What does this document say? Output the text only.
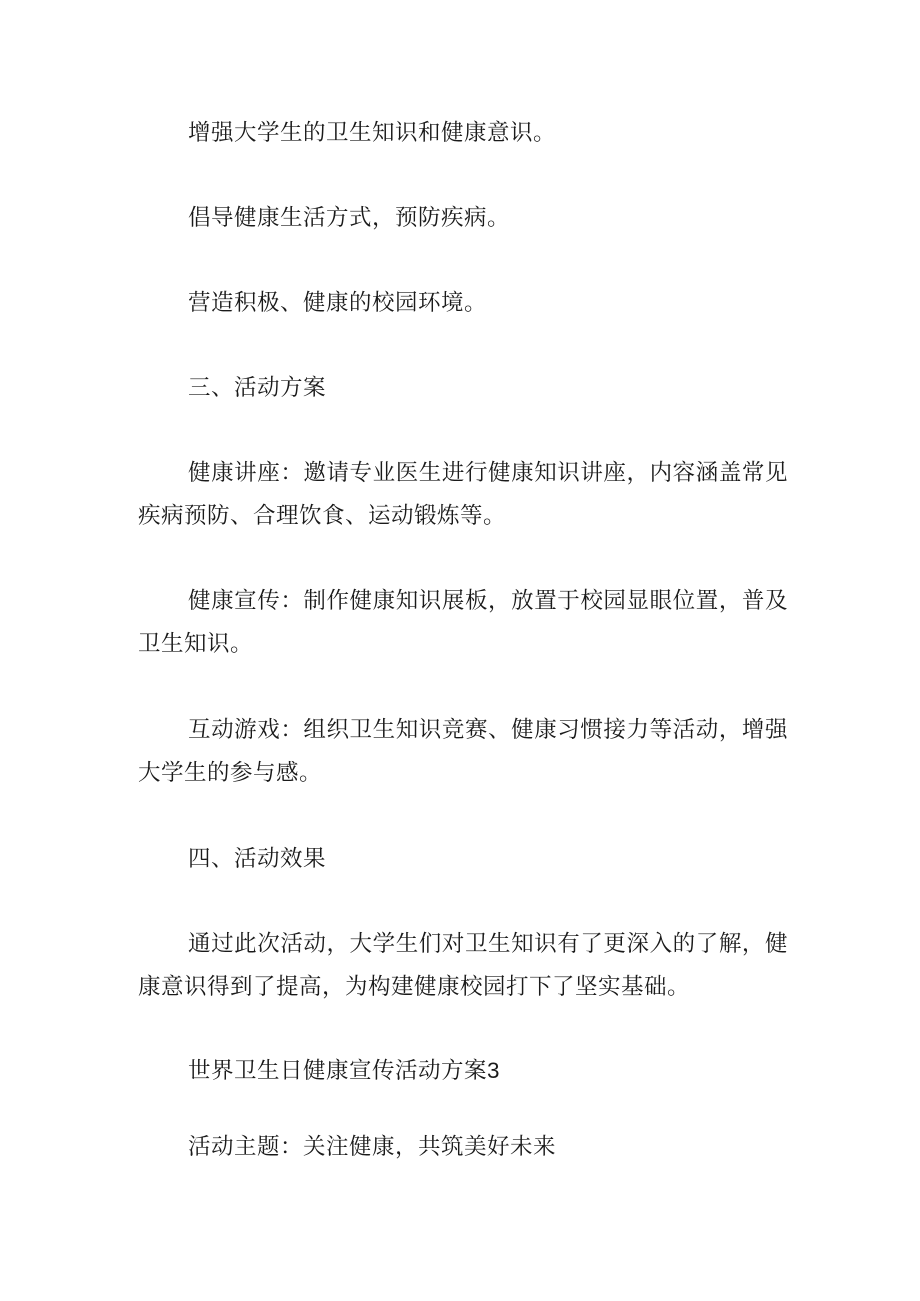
增强大学生的卫生知识和健康意识。

倡导健康生活方式，预防疾病。

营造积极、健康的校园环境。

三、活动方案

健康讲座：邀请专业医生进行健康知识讲座，内容涵盖常见疾病预防、合理饮食、运动锻炼等。

健康宣传：制作健康知识展板，放置于校园显眼位置，普及卫生知识。

互动游戏：组织卫生知识竞赛、健康习惯接力等活动，增强大学生的参与感。

四、活动效果

通过此次活动，大学生们对卫生知识有了更深入的了解，健康意识得到了提高，为构建健康校园打下了坚实基础。

世界卫生日健康宣传活动方案3

活动主题：关注健康，共筑美好未来
